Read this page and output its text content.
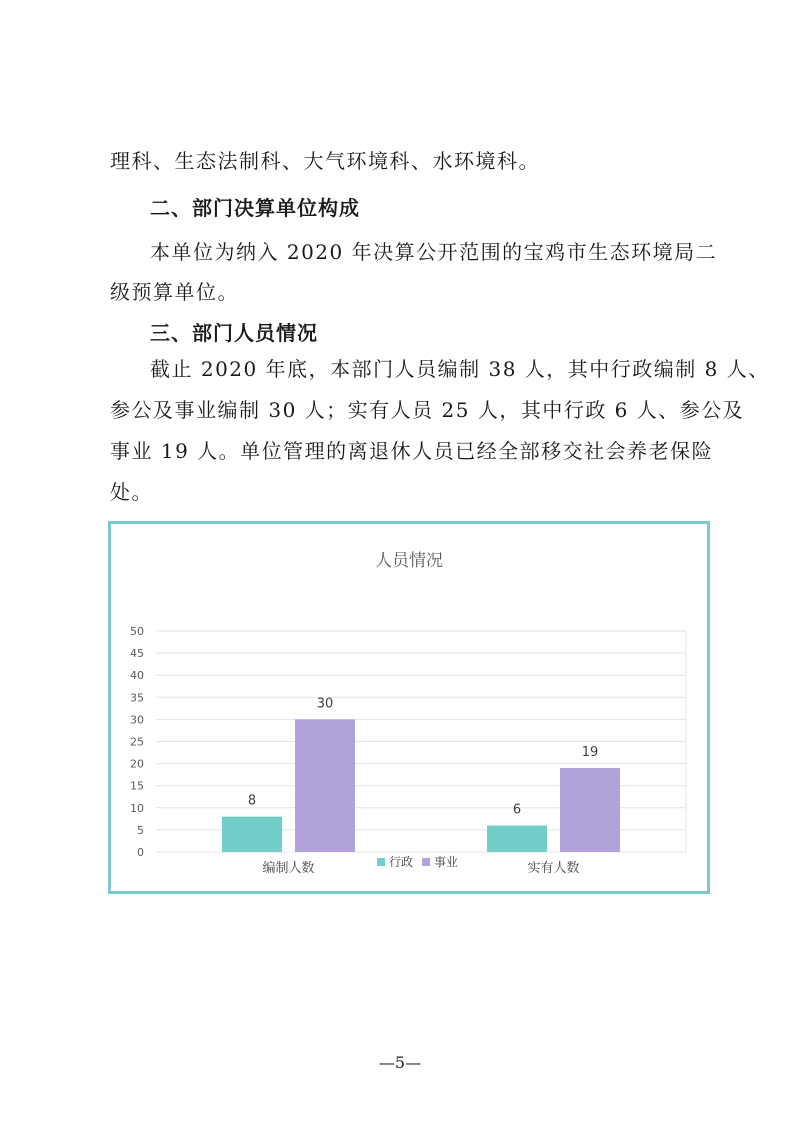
理科、生态法制科、大气环境科、水环境科。
二、部门决算单位构成
本单位为纳入 2020 年决算公开范围的宝鸡市生态环境局二
级预算单位。
三、部门人员情况
截止 2020 年底，本部门人员编制 38 人，其中行政编制 8 人、
参公及事业编制 30 人；实有人员 25 人，其中行政 6 人、参公及
事业 19 人。单位管理的离退休人员已经全部移交社会养老保险
处。
人员情况
0
5
10
15
20
25
30
35
40
45
50
8
30
编制人数
6
19
实有人数
行政 事业
—5—
